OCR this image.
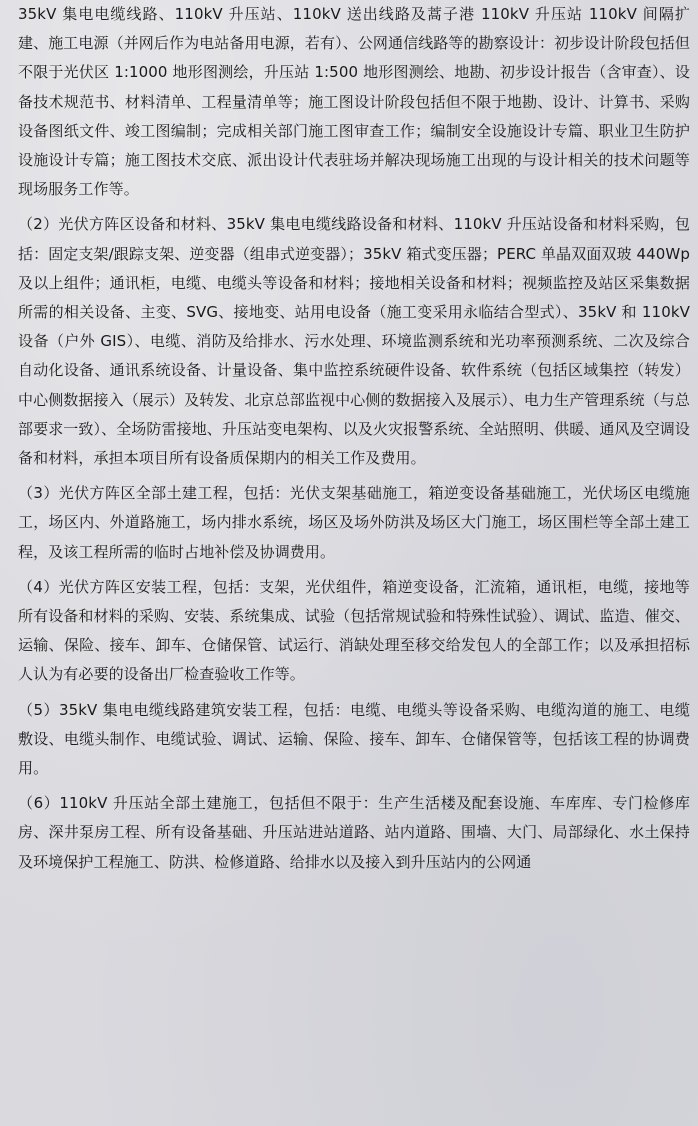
35kV 集电电缆线路、110kV 升压站、110kV 送出线路及蒿子港 110kV 升压站 110kV 间隔扩建、施工电源（并网后作为电站备用电源，若有）、公网通信线路等的勘察设计：初步设计阶段包括但不限于光伏区 1:1000 地形图测绘，升压站 1:500 地形图测绘、地勘、初步设计报告（含审查）、设备技术规范书、材料清单、工程量清单等；施工图设计阶段包括但不限于地勘、设计、计算书、采购设备图纸文件、竣工图编制；完成相关部门施工图审查工作；编制安全设施设计专篇、职业卫生防护设施设计专篇；施工图技术交底、派出设计代表驻场并解决现场施工出现的与设计相关的技术问题等现场服务工作等。

（2）光伏方阵区设备和材料、35kV 集电电缆线路设备和材料、110kV 升压站设备和材料采购，包括：固定支架/跟踪支架、逆变器（组串式逆变器）；35kV 箱式变压器；PERC 单晶双面双玻 440Wp 及以上组件；通讯柜，电缆、电缆头等设备和材料；接地相关设备和材料；视频监控及站区采集数据所需的相关设备、主变、SVG、接地变、站用电设备（施工变采用永临结合型式）、35kV 和 110kV 设备（户外 GIS）、电缆、消防及给排水、污水处理、环境监测系统和光功率预测系统、二次及综合自动化设备、通讯系统设备、计量设备、集中监控系统硬件设备、软件系统（包括区域集控（转发）中心侧数据接入（展示）及转发、北京总部监视中心侧的数据接入及展示）、电力生产管理系统（与总部要求一致）、全场防雷接地、升压站变电架构、以及火灾报警系统、全站照明、供暖、通风及空调设备和材料，承担本项目所有设备质保期内的相关工作及费用。

（3）光伏方阵区全部土建工程，包括：光伏支架基础施工，箱逆变设备基础施工，光伏场区电缆施工，场区内、外道路施工，场内排水系统，场区及场外防洪及场区大门施工，场区围栏等全部土建工程，及该工程所需的临时占地补偿及协调费用。

（4）光伏方阵区安装工程，包括：支架，光伏组件，箱逆变设备，汇流箱，通讯柜，电缆，接地等所有设备和材料的采购、安装、系统集成、试验（包括常规试验和特殊性试验）、调试、监造、催交、运输、保险、接车、卸车、仓储保管、试运行、消缺处理至移交给发包人的全部工作；以及承担招标人认为有必要的设备出厂检查验收工作等。

（5）35kV 集电电缆线路建筑安装工程，包括：电缆、电缆头等设备采购、电缆沟道的施工、电缆敷设、电缆头制作、电缆试验、调试、运输、保险、接车、卸车、仓储保管等，包括该工程的协调费用。

（6）110kV 升压站全部土建施工，包括但不限于：生产生活楼及配套设施、车库库、专门检修库房、深井泵房工程、所有设备基础、升压站进站道路、站内道路、围墙、大门、局部绿化、水土保持及环境保护工程施工、防洪、检修道路、给排水以及接入到升压站内的公网通
